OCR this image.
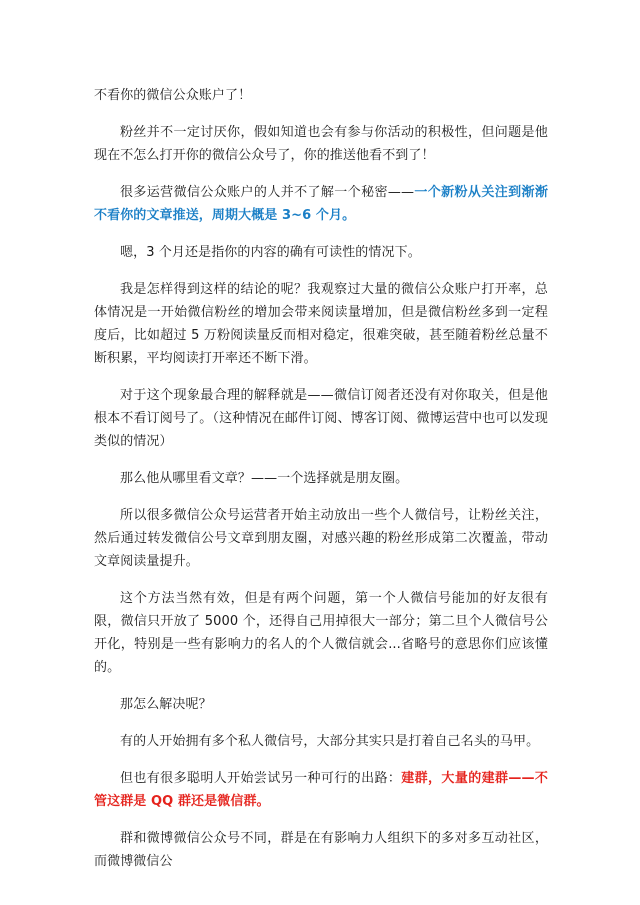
不看你的微信公众账户了！

粉丝并不一定讨厌你，假如知道也会有参与你活动的积极性，但问题是他现在不怎么打开你的微信公众号了，你的推送他看不到了！

很多运营微信公众账户的人并不了解一个秘密——一个新粉从关注到渐渐不看你的文章推送，周期大概是 3~6 个月。

嗯，3 个月还是指你的内容的确有可读性的情况下。

我是怎样得到这样的结论的呢？我观察过大量的微信公众账户打开率，总体情况是一开始微信粉丝的增加会带来阅读量增加，但是微信粉丝多到一定程度后，比如超过 5 万粉阅读量反而相对稳定，很难突破，甚至随着粉丝总量不断积累，平均阅读打开率还不断下滑。

对于这个现象最合理的解释就是——微信订阅者还没有对你取关，但是他根本不看订阅号了。（这种情况在邮件订阅、博客订阅、微博运营中也可以发现类似的情况）

那么他从哪里看文章？——一个选择就是朋友圈。

所以很多微信公众号运营者开始主动放出一些个人微信号，让粉丝关注，然后通过转发微信公号文章到朋友圈，对感兴趣的粉丝形成第二次覆盖，带动文章阅读量提升。

这个方法当然有效，但是有两个问题，第一个人微信号能加的好友很有限，微信只开放了 5000 个，还得自己用掉很大一部分；第二旦个人微信号公开化，特别是一些有影响力的名人的个人微信就会...省略号的意思你们应该懂的。

那怎么解决呢？

有的人开始拥有多个私人微信号，大部分其实只是打着自己名头的马甲。

但也有很多聪明人开始尝试另一种可行的出路：建群，大量的建群——不管这群是 QQ 群还是微信群。

群和微博微信公众号不同，群是在有影响力人组织下的多对多互动社区，而微博微信公
